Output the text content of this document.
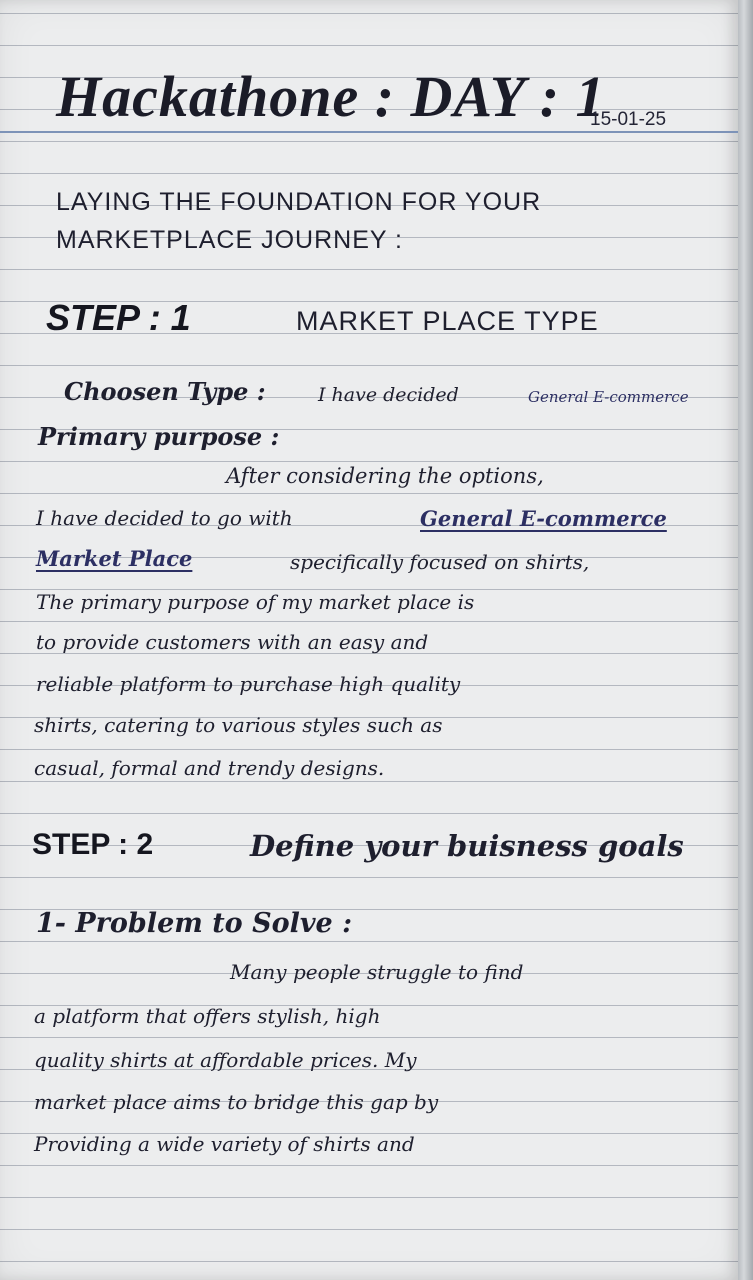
Hackathone : DAY : 1
15-01-25
LAYING THE FOUNDATION FOR YOUR
MARKETPLACE JOURNEY :
STEP : 1	MARKET PLACE TYPE
Choosen Type :	I have decided	General E-commerce
Primary purpose :
After considering the options,
I have decided to go with	General E-commerce
Market Place	specifically focused on shirts,
The primary purpose of my market place is
to provide customers with an easy and
reliable platform to purchase high quality
shirts, catering to various styles such as
casual, formal and trendy designs.
STEP : 2	Define your buisness goals
1- Problem to Solve :
Many people struggle to find
a platform that offers stylish, high
quality shirts at affordable prices. My
market place aims to bridge this gap by
Providing a wide variety of shirts and
